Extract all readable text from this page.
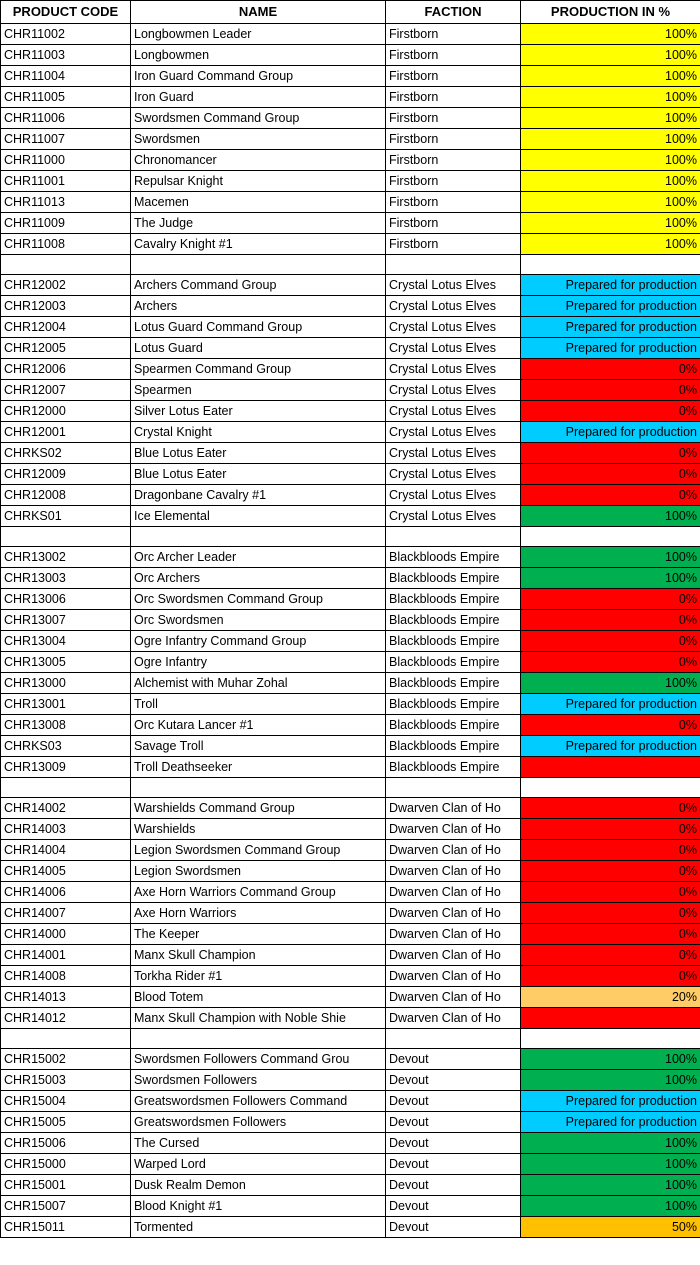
PRODUCT CODE	NAME	FACTION	PRODUCTION IN %
CHR11002	Longbowmen Leader	Firstborn	100%
CHR11003	Longbowmen	Firstborn	100%
CHR11004	Iron Guard Command Group	Firstborn	100%
CHR11005	Iron Guard	Firstborn	100%
CHR11006	Swordsmen Command Group	Firstborn	100%
CHR11007	Swordsmen	Firstborn	100%
CHR11000	Chronomancer	Firstborn	100%
CHR11001	Repulsar Knight	Firstborn	100%
CHR11013	Macemen	Firstborn	100%
CHR11009	The Judge	Firstborn	100%
CHR11008	Cavalry Knight #1	Firstborn	100%

CHR12002	Archers Command Group	Crystal Lotus Elves	Prepared for production
CHR12003	Archers	Crystal Lotus Elves	Prepared for production
CHR12004	Lotus Guard Command Group	Crystal Lotus Elves	Prepared for production
CHR12005	Lotus Guard	Crystal Lotus Elves	Prepared for production
CHR12006	Spearmen Command Group	Crystal Lotus Elves	0%
CHR12007	Spearmen	Crystal Lotus Elves	0%
CHR12000	Silver Lotus Eater	Crystal Lotus Elves	0%
CHR12001	Crystal Knight	Crystal Lotus Elves	Prepared for production
CHRKS02	Blue Lotus Eater	Crystal Lotus Elves	0%
CHR12009	Blue Lotus Eater	Crystal Lotus Elves	0%
CHR12008	Dragonbane Cavalry #1	Crystal Lotus Elves	0%
CHRKS01	Ice Elemental	Crystal Lotus Elves	100%

CHR13002	Orc Archer Leader	Blackbloods Empire	100%
CHR13003	Orc Archers	Blackbloods Empire	100%
CHR13006	Orc Swordsmen Command Group	Blackbloods Empire	0%
CHR13007	Orc Swordsmen	Blackbloods Empire	0%
CHR13004	Ogre Infantry Command Group	Blackbloods Empire	0%
CHR13005	Ogre Infantry	Blackbloods Empire	0%
CHR13000	Alchemist with Muhar Zohal	Blackbloods Empire	100%
CHR13001	Troll	Blackbloods Empire	Prepared for production
CHR13008	Orc Kutara Lancer #1	Blackbloods Empire	0%
CHRKS03	Savage Troll	Blackbloods Empire	Prepared for production
CHR13009	Troll Deathseeker	Blackbloods Empire	

CHR14002	Warshields Command Group	Dwarven Clan of Ho	0%
CHR14003	Warshields	Dwarven Clan of Ho	0%
CHR14004	Legion Swordsmen Command Group	Dwarven Clan of Ho	0%
CHR14005	Legion Swordsmen	Dwarven Clan of Ho	0%
CHR14006	Axe Horn Warriors Command Group	Dwarven Clan of Ho	0%
CHR14007	Axe Horn Warriors	Dwarven Clan of Ho	0%
CHR14000	The Keeper	Dwarven Clan of Ho	0%
CHR14001	Manx Skull Champion	Dwarven Clan of Ho	0%
CHR14008	Torkha Rider #1	Dwarven Clan of Ho	0%
CHR14013	Blood Totem	Dwarven Clan of Ho	20%
CHR14012	Manx Skull Champion with Noble Shie	Dwarven Clan of Ho	

CHR15002	Swordsmen Followers Command Grou	Devout	100%
CHR15003	Swordsmen Followers	Devout	100%
CHR15004	Greatswordsmen Followers Command	Devout	Prepared for production
CHR15005	Greatswordsmen Followers	Devout	Prepared for production
CHR15006	The Cursed	Devout	100%
CHR15000	Warped Lord	Devout	100%
CHR15001	Dusk Realm Demon	Devout	100%
CHR15007	Blood Knight #1	Devout	100%
CHR15011	Tormented	Devout	50%
